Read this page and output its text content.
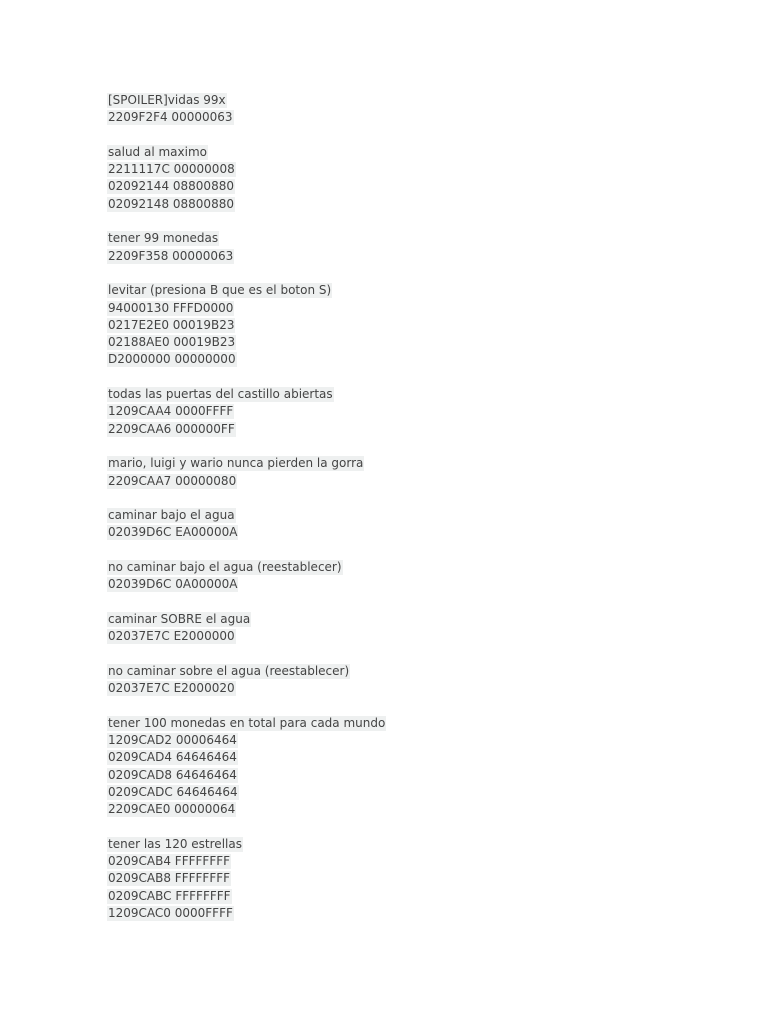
[SPOILER]vidas 99x
2209F2F4 00000063
salud al maximo
2211117C 00000008
02092144 08800880
02092148 08800880
tener 99 monedas
2209F358 00000063
levitar (presiona B que es el boton S)
94000130 FFFD0000
0217E2E0 00019B23
02188AE0 00019B23
D2000000 00000000
todas las puertas del castillo abiertas
1209CAA4 0000FFFF
2209CAA6 000000FF
mario, luigi y wario nunca pierden la gorra
2209CAA7 00000080
caminar bajo el agua
02039D6C EA00000A
no caminar bajo el agua (reestablecer)
02039D6C 0A00000A
caminar SOBRE el agua
02037E7C E2000000
no caminar sobre el agua (reestablecer)
02037E7C E2000020
tener 100 monedas en total para cada mundo
1209CAD2 00006464
0209CAD4 64646464
0209CAD8 64646464
0209CADC 64646464
2209CAE0 00000064
tener las 120 estrellas
0209CAB4 FFFFFFFF
0209CAB8 FFFFFFFF
0209CABC FFFFFFFF
1209CAC0 0000FFFF
